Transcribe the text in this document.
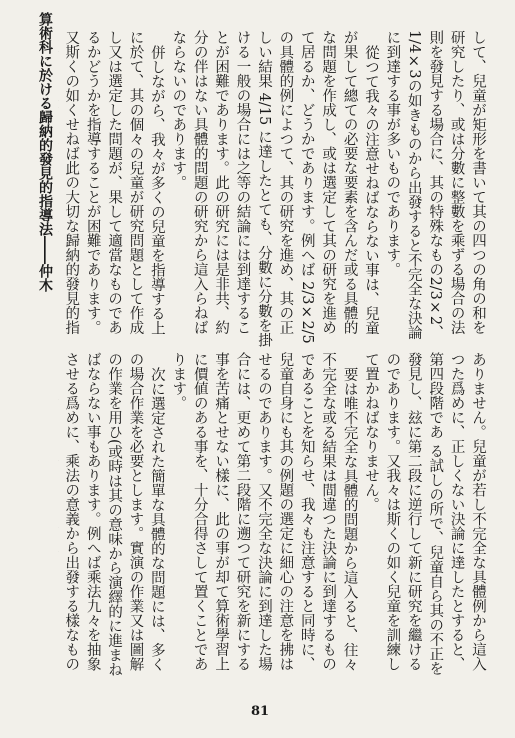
算術科に於ける歸納的發見的指導法――仲木	して、兒童が矩形を書いて其の四つの角の和を研究したり、或は分數に整數を乘ずる場合の法則を發見する場合に、其の特殊なもの2/3×2、1/4×3の如きものから出發すると不完全な決論に到達する事が多いものであります。

從つて我々の注意せねばならない事は、兒童が果して總ての必要な要素を含んだ或る具體的な問題を作成し、或は選定して其の研究を進めて居るか、どうかであります。例へば 2/3×2/5 の具體的例によつて、其の研究を進め、其の正しい結果 4/15 に達したとても、分數に分數を掛ける一般の場合には之等の結論には到達することが困難であります。此の研究には是非共、約分の伴はない具體的問題の研究から這入らねばならないのであります。

併しながら、我々が多くの兒童を指導する上に於て、其の個々の兒童が研究問題として作成し又は選定した問題が、果して適當なものであるかどうかを指導することが困難であります。又斯くの如くせねば此の大切な歸納的發見的指

ありません。兒童が若し不完全な具體例から這入つた爲めに、正しくない決論に達したとすると、第四段階であ る試しの所で、兒童自ら其の不正を發見し、玆に第二段に逆行して新に研究を繼けるのであります。又我々は斯くの如く兒童を訓練して置かねばなりません。

要は唯不完全な具體的問題から這入ると、往々不完全な或る結果は間違つた決論に到達するものであることを知らせ、我々も注意すると同時に、兒童自身にも其の例題の選定に細心の注意を拂はせるのであります。又不完全な決論に到達した場合には、更めて第二段階に遡つて研究を新にする事を苦痛とせない樣に、此の事が却て算術學習上に價値のある事を、十分合得さして置くことであります。

次に選定された簡單な具體的な問題には、多くの場合作業を必要とします。實演の作業又は圖解の作業を用ひ(或時は其の意味から演繹的に進まねばならない事もあります。例へば乘法九々を抽象させる爲めに、乘法の意義から出發する樣なもの

81
